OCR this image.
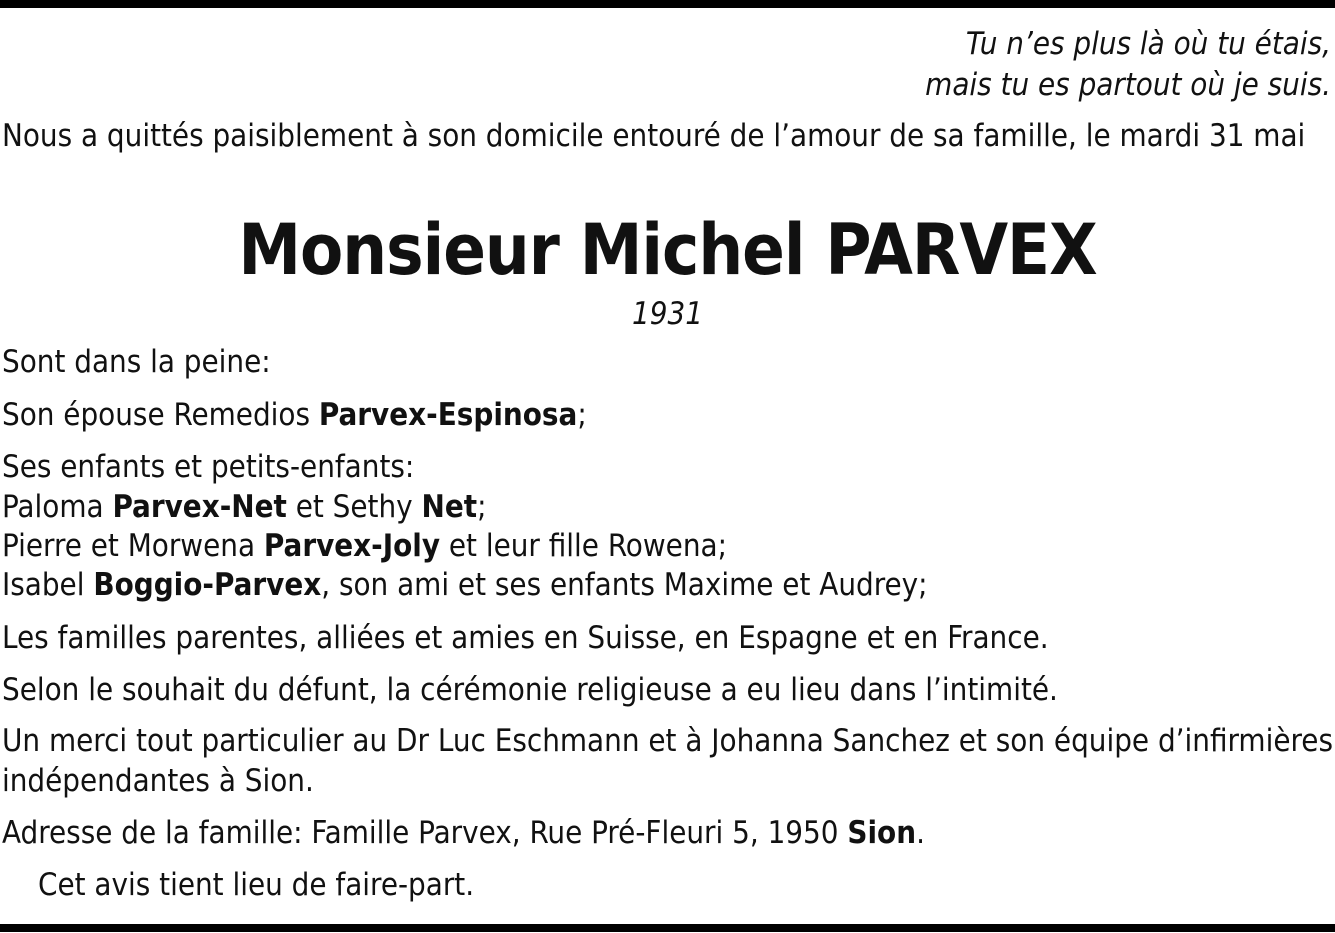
Tu n’es plus là où tu étais,
mais tu es partout où je suis.
Nous a quittés paisiblement à son domicile entouré de l’amour de sa famille, le mardi 31 mai
Monsieur Michel PARVEX
1931
Sont dans la peine:
Son épouse Remedios Parvex-Espinosa;
Ses enfants et petits-enfants:
Paloma Parvex-Net et Sethy Net;
Pierre et Morwena Parvex-Joly et leur fille Rowena;
Isabel Boggio-Parvex, son ami et ses enfants Maxime et Audrey;
Les familles parentes, alliées et amies en Suisse, en Espagne et en France.
Selon le souhait du défunt, la cérémonie religieuse a eu lieu dans l’intimité.
Un merci tout particulier au Dr Luc Eschmann et à Johanna Sanchez et son équipe d’infirmières indépendantes à Sion.
Adresse de la famille: Famille Parvex, Rue Pré-Fleuri 5, 1950 Sion.
Cet avis tient lieu de faire-part.
